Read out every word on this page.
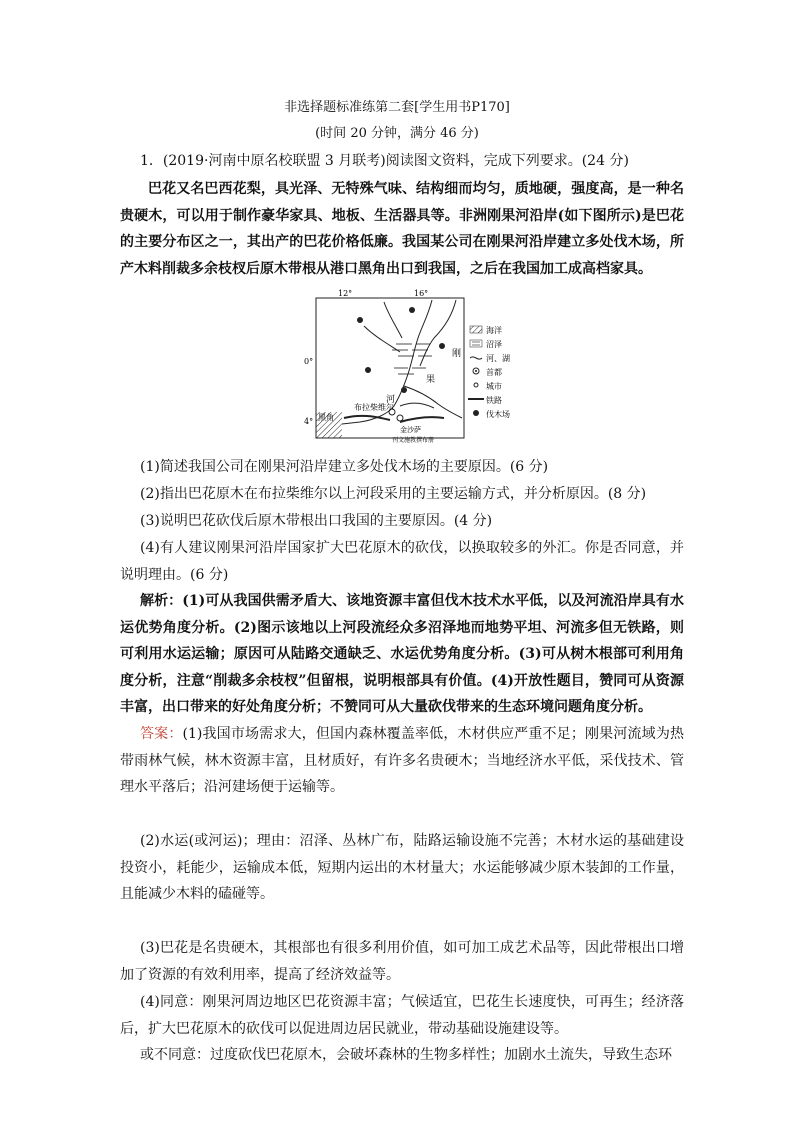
非选择题标准练第二套[学生用书P170]
(时间 20 分钟，满分 46 分)
1．(2019·河南中原名校联盟 3 月联考)阅读图文资料，完成下列要求。(24 分)
巴花又名巴西花梨，具光泽、无特殊气味、结构细而均匀，质地硬，强度高，是一种名贵硬木，可以用于制作豪华家具、地板、生活器具等。非洲刚果河沿岸(如下图所示)是巴花的主要分布区之一，其出产的巴花价格低廉。我国某公司在刚果河沿岸建立多处伐木场，所产木料削裁多余枝杈后原木带根从港口黑角出口到我国，之后在我国加工成高档家具。
12°	16°
0°
4° 黑角
布拉柴维尔
金沙萨
刚
果
河
刊文施教撰布册
海洋
沼泽
河、湖
首都
城市
铁路
伐木场
(1)简述我国公司在刚果河沿岸建立多处伐木场的主要原因。(6 分)
(2)指出巴花原木在布拉柴维尔以上河段采用的主要运输方式，并分析原因。(8 分)
(3)说明巴花砍伐后原木带根出口我国的主要原因。(4 分)
(4)有人建议刚果河沿岸国家扩大巴花原木的砍伐，以换取较多的外汇。你是否同意，并说明理由。(6 分)
解析：(1)可从我国供需矛盾大、该地资源丰富但伐木技术水平低，以及河流沿岸具有水运优势角度分析。(2)图示该地以上河段流经众多沼泽地而地势平坦、河流多但无铁路，则可利用水运运输；原因可从陆路交通缺乏、水运优势角度分析。(3)可从树木根部可利用角度分析，注意“削裁多余枝杈”但留根，说明根部具有价值。(4)开放性题目，赞同可从资源丰富，出口带来的好处角度分析；不赞同可从大量砍伐带来的生态环境问题角度分析。
答案：(1)我国市场需求大，但国内森林覆盖率低，木材供应严重不足；刚果河流域为热带雨林气候，林木资源丰富，且材质好，有许多名贵硬木；当地经济水平低，采伐技术、管理水平落后；沿河建场便于运输等。
(2)水运(或河运)；理由：沼泽、丛林广布，陆路运输设施不完善；木材水运的基础建设投资小，耗能少，运输成本低，短期内运出的木材量大；水运能够减少原木装卸的工作量，且能减少木料的磕碰等。
(3)巴花是名贵硬木，其根部也有很多利用价值，如可加工成艺术品等，因此带根出口增加了资源的有效利用率，提高了经济效益等。
(4)同意：刚果河周边地区巴花资源丰富；气候适宜，巴花生长速度快，可再生；经济落后，扩大巴花原木的砍伐可以促进周边居民就业，带动基础设施建设等。
或不同意：过度砍伐巴花原木，会破坏森林的生物多样性；加剧水土流失，导致生态环
